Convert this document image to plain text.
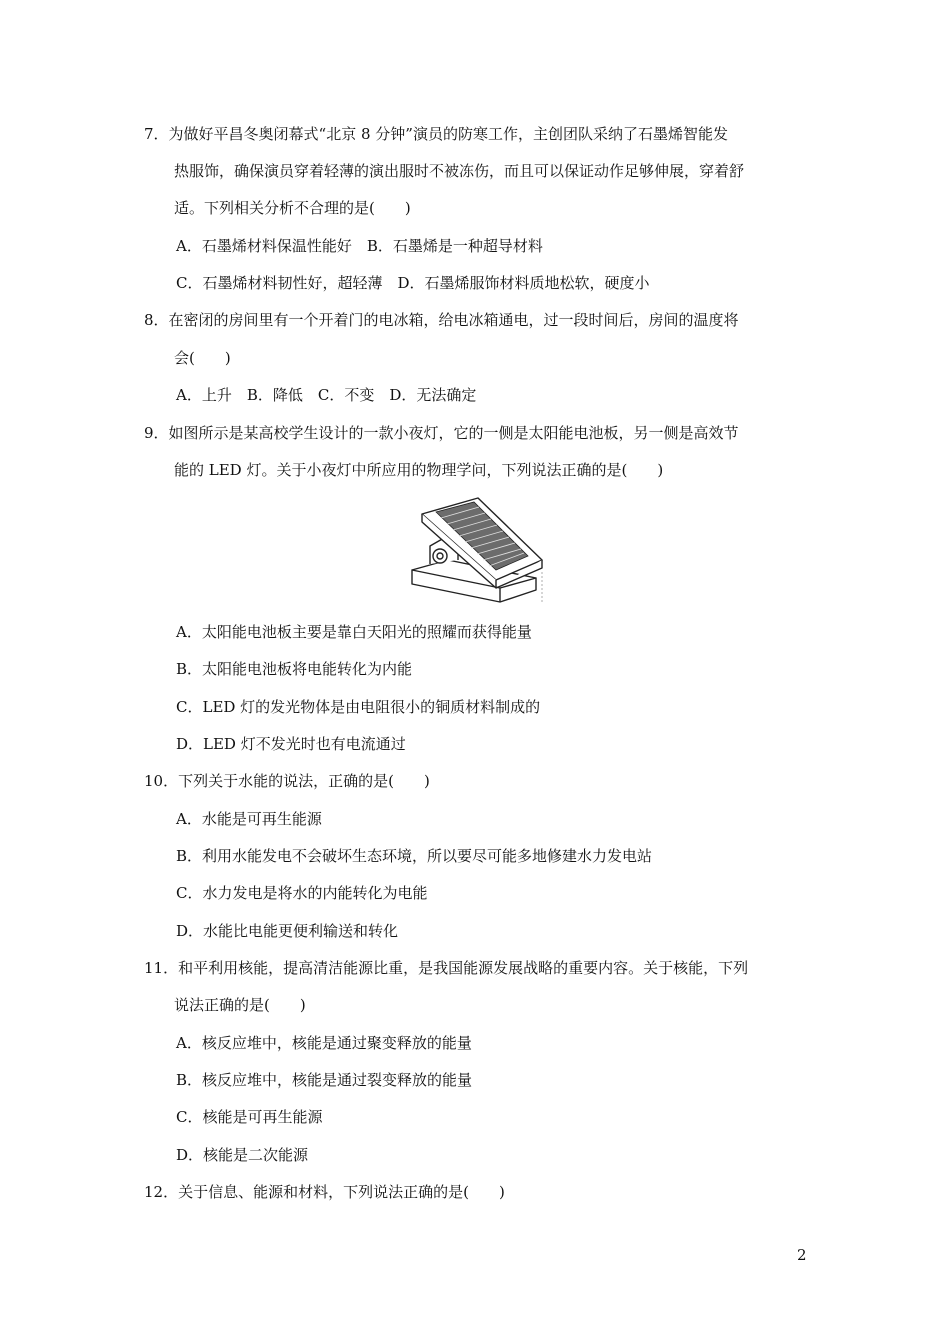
7．为做好平昌冬奥闭幕式“北京 8 分钟”演员的防寒工作，主创团队采纳了石墨烯智能发
热服饰，确保演员穿着轻薄的演出服时不被冻伤，而且可以保证动作足够伸展，穿着舒
适。下列相关分析不合理的是(　　)
A．石墨烯材料保温性能好　B．石墨烯是一种超导材料
C．石墨烯材料韧性好，超轻薄　D．石墨烯服饰材料质地松软，硬度小
8．在密闭的房间里有一个开着门的电冰箱，给电冰箱通电，过一段时间后，房间的温度将
会(　　)
A．上升　B．降低　C．不变　D．无法确定
9．如图所示是某高校学生设计的一款小夜灯，它的一侧是太阳能电池板，另一侧是高效节
能的 LED 灯。关于小夜灯中所应用的物理学问，下列说法正确的是(　　)
A．太阳能电池板主要是靠白天阳光的照耀而获得能量
B．太阳能电池板将电能转化为内能
C．LED 灯的发光物体是由电阻很小的铜质材料制成的
D．LED 灯不发光时也有电流通过
10．下列关于水能的说法，正确的是(　　)
A．水能是可再生能源
B．利用水能发电不会破坏生态环境，所以要尽可能多地修建水力发电站
C．水力发电是将水的内能转化为电能
D．水能比电能更便利输送和转化
11．和平利用核能，提高清洁能源比重，是我国能源发展战略的重要内容。关于核能，下列
说法正确的是(　　)
A．核反应堆中，核能是通过聚变释放的能量
B．核反应堆中，核能是通过裂变释放的能量
C．核能是可再生能源
D．核能是二次能源
12．关于信息、能源和材料，下列说法正确的是(　　)
2
